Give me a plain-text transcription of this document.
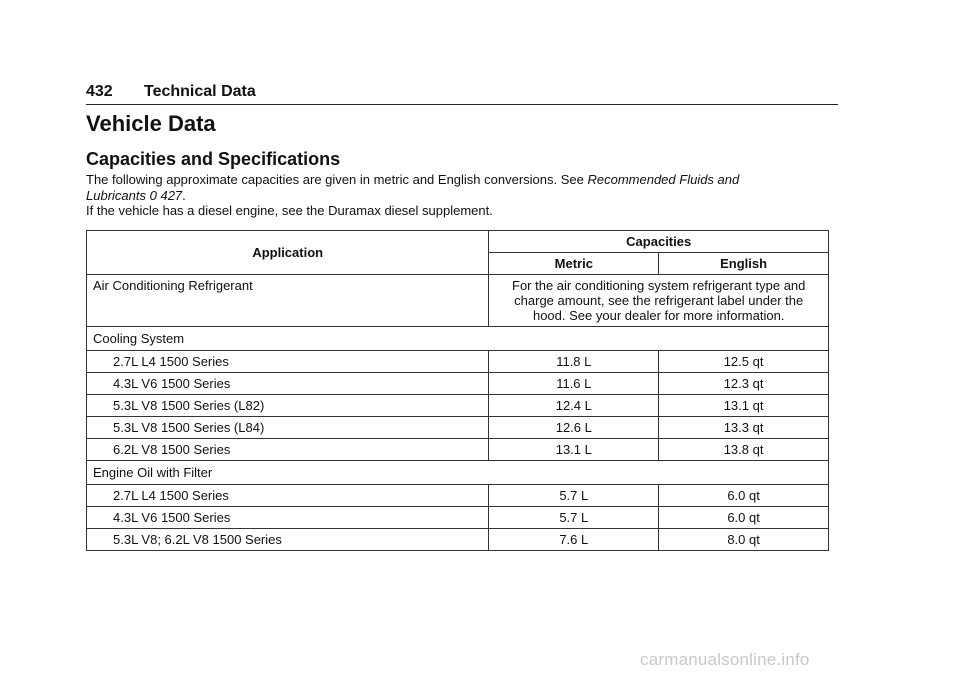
432 Technical Data
Vehicle Data
Capacities and Specifications

The following approximate capacities are given in metric and English conversions. See Recommended Fluids and Lubricants 0 427.

If the vehicle has a diesel engine, see the Duramax diesel supplement.

Application	Capacities	
	Metric	English
Air Conditioning Refrigerant	For the air conditioning system refrigerant type and charge amount, see the refrigerant label under the hood. See your dealer for more information.	
Cooling System		
2.7L L4 1500 Series	11.8 L	12.5 qt
4.3L V6 1500 Series	11.6 L	12.3 qt
5.3L V8 1500 Series (L82)	12.4 L	13.1 qt
5.3L V8 1500 Series (L84)	12.6 L	13.3 qt
6.2L V8 1500 Series	13.1 L	13.8 qt
Engine Oil with Filter		
2.7L L4 1500 Series	5.7 L	6.0 qt
4.3L V6 1500 Series	5.7 L	6.0 qt
5.3L V8; 6.2L V8 1500 Series	7.6 L	8.0 qt
carmanualsonline.info
